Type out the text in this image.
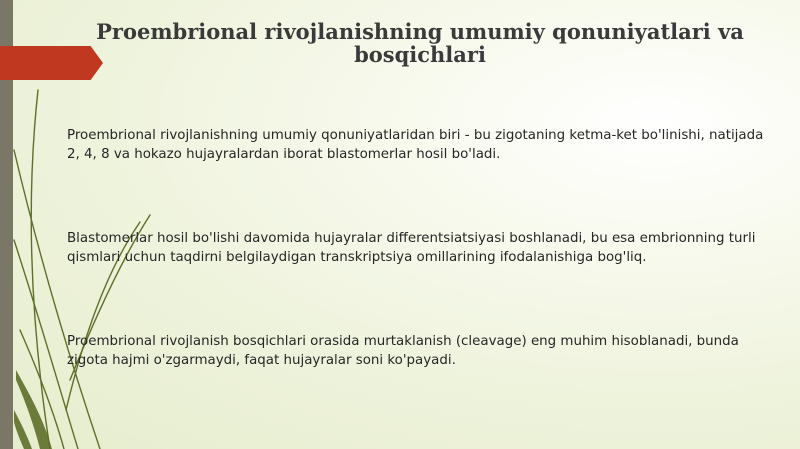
Proembrional rivojlanishning umumiy qonuniyatlari va bosqichlari

Proembrional rivojlanishning umumiy qonuniyatlaridan biri - bu zigotaning ketma-ket bo'linishi, natijada 2, 4, 8 va hokazo hujayralardan iborat blastomerlar hosil bo'ladi.

Blastomerlar hosil bo'lishi davomida hujayralar differentsiatsiyasi boshlanadi, bu esa embrionning turli qismlari uchun taqdirni belgilaydigan transkriptsiya omillarining ifodalanishiga bog'liq.

Proembrional rivojlanish bosqichlari orasida murtaklanish (cleavage) eng muhim hisoblanadi, bunda zigota hajmi o'zgarmaydi, faqat hujayralar soni ko'payadi.
